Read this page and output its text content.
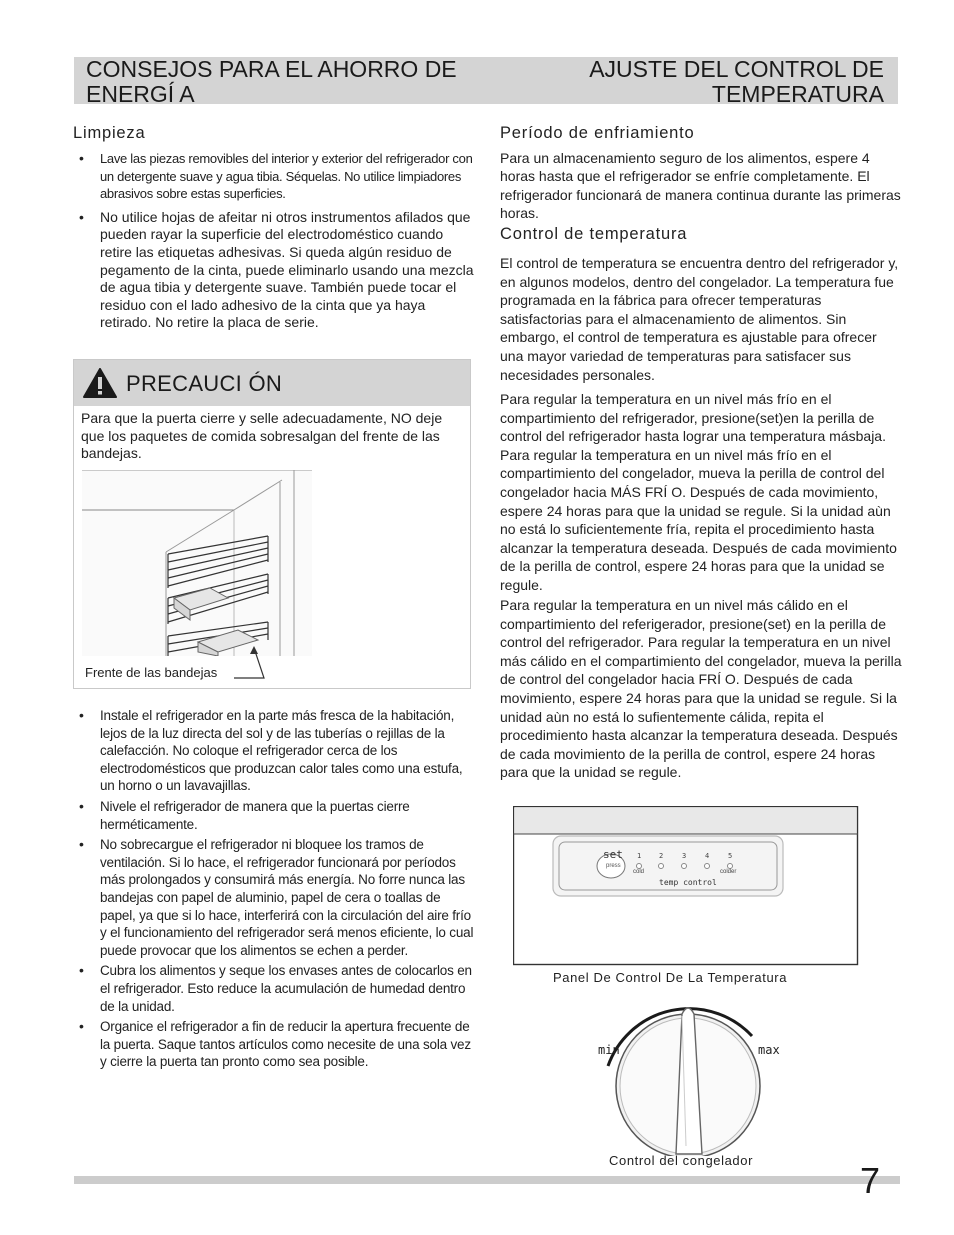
CONSEJOS PARA EL AHORRO DE ENERGÍ A
AJUSTE DEL CONTROL DE TEMPERATURA
Limpieza
• Lave las piezas removibles del interior y exterior del refrigerador con un detergente suave y agua tibia. Séquelas. No utilice limpiadores abrasivos sobre estas superficies.
• No utilice hojas de afeitar ni otros instrumentos afilados que pueden rayar la superficie del electrodoméstico cuando retire las etiquetas adhesivas. Si queda algún residuo de pegamento de la cinta, puede eliminarlo usando una mezcla de agua tibia y detergente suave. También puede tocar el residuo con el lado adhesivo de la cinta que ya haya retirado. No retire la placa de serie.
PRECAUCI ÓN
Para que la puerta cierre y selle adecuadamente, NO deje que los paquetes de comida sobresalgan del frente de las bandejas.
Frente de las bandejas
• Instale el refrigerador en la parte más fresca de la habitación, lejos de la luz directa del sol y de las tuberías o rejillas de la calefacción. No coloque el refrigerador cerca de los electrodomésticos que produzcan calor tales como una estufa, un horno o un lavavajillas.
• Nivele el refrigerador de manera que la puertas cierre herméticamente.
• No sobrecargue el refrigerador ni bloquee los tramos de ventilación. Si lo hace, el refrigerador funcionará por períodos más prolongados y consumirá más energía. No forre nunca las bandejas con papel de aluminio, papel de cera o toallas de papel, ya que si lo hace, interferirá con la circulación del aire frío y el funcionamiento del refrigerador será menos eficiente, lo cual puede provocar que los alimentos se echen a perder.
• Cubra los alimentos y seque los envases antes de colocarlos en el refrigerador. Esto reduce la acumulación de humedad dentro de la unidad.
• Organice el refrigerador a fin de reducir la apertura frecuente de la puerta. Saque tantos artículos como necesite de una sola vez y cierre la puerta tan pronto como sea posible.
Período de enfriamiento
Para un almacenamiento seguro de los alimentos, espere 4 horas hasta que el refrigerador se enfríe completamente. El refrigerador funcionará de manera continua durante las primeras horas.
Control de temperatura
El control de temperatura se encuentra dentro del refrigerador y, en algunos modelos, dentro del congelador. La temperatura fue programada en la fábrica para ofrecer temperaturas satisfactorias para el almacenamiento de alimentos. Sin embargo, el control de temperatura es ajustable para ofrecer una mayor variedad de temperaturas para satisfacer sus necesidades personales.
Para regular la temperatura en un nivel más frío en el compartimiento del refrigerador, presione(set)en la perilla de control del refrigerador hasta lograr una temperatura másbaja. Para regular la temperatura en un nivel más frío en el compartimiento del congelador, mueva la perilla de control del congelador hacia MÁS FRÍ O. Después de cada movimiento, espere 24 horas para que la unidad se regule. Si la unidad aùn no está lo suficientemente fría, repita el procedimiento hasta alcanzar la temperatura deseada. Después de cada movimiento de la perilla de control, espere 24 horas para que la unidad se regule.
Para regular la temperatura en un nivel más cálido en el compartimiento del referigerador, presione(set) en la perilla de control del refrigerador. Para regular la temperatura en un nivel más cálido en el compartimiento del congelador, mueva la perilla de control del congelador hacia FRÍ O. Después de cada movimiento, espere 24 horas para que la unidad se regule. Si la unidad aùn no está lo sufientemente cálida, repita el procedimiento hasta alcanzar la temperatura deseada. Después de cada movimiento de la perilla de control, espere 24 horas para que la unidad se regule.
set
press
1	2	3	4	5
cold	colder
temp control
Panel De Control De La Temperatura
min	max
Control del congelador	7
